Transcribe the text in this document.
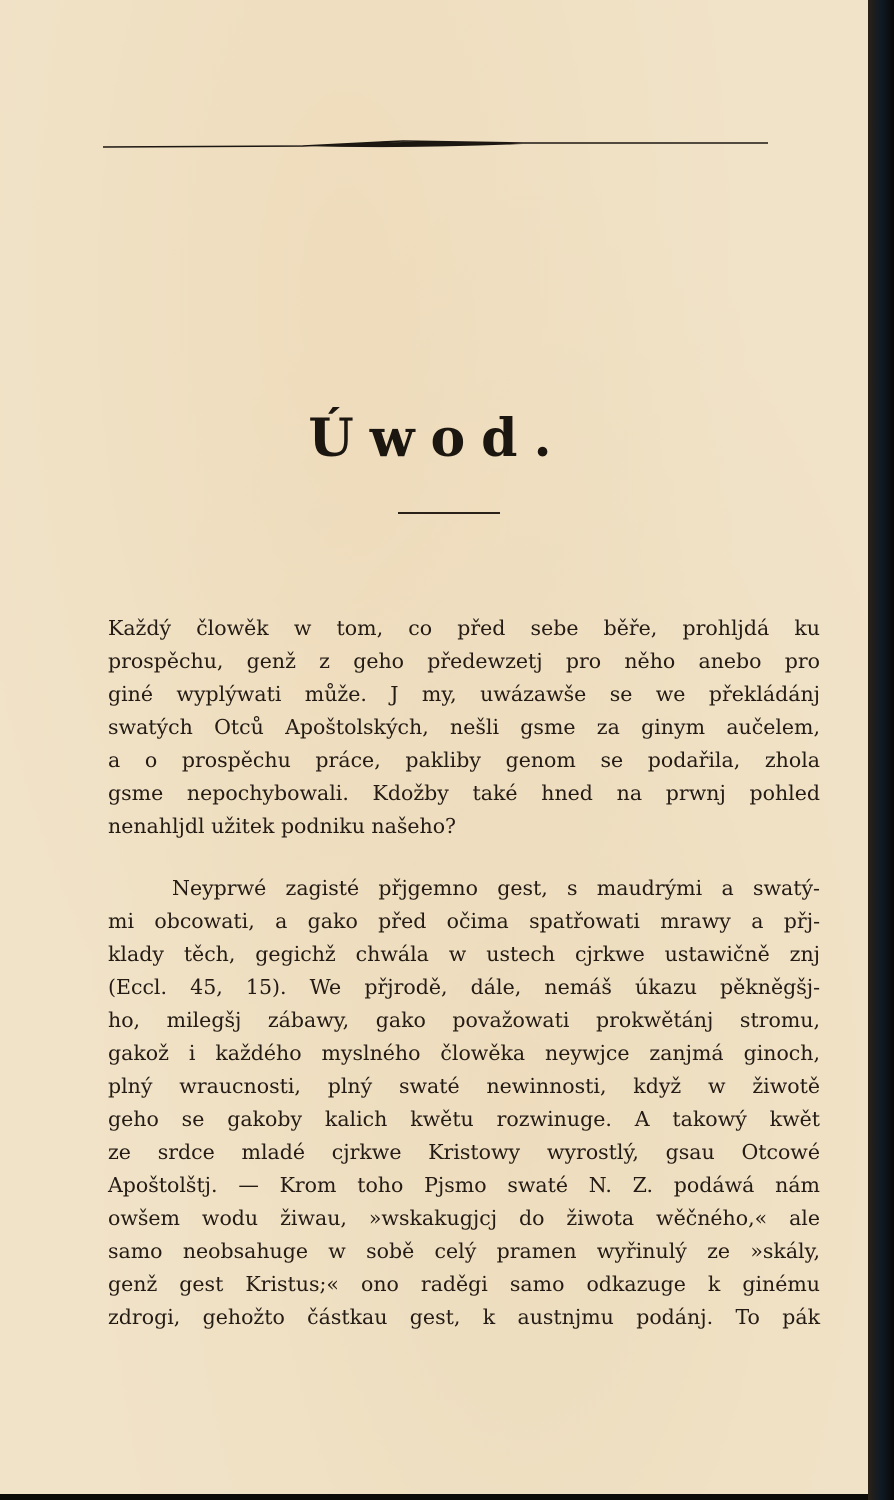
Úwod.
Každý člowěk w tom, co před sebe běře, prohljdá ku
prospěchu, genž z geho předewzetj pro něho anebo pro
giné wyplýwati může. J my, uwázawše se we překládánj
swatých Otců Apoštolských, nešli gsme za ginym aučelem,
a o prospěchu práce, pakliby genom se podařila, zhola
gsme nepochybowali. Kdožby také hned na prwnj pohled
nenahljdl užitek podniku našeho?
Neyprwé zagisté přjgemno gest, s maudrými a swatý-
mi obcowati, a gako před očima spatřowati mrawy a přj-
klady těch, gegichž chwála w ustech cjrkwe ustawičně znj
(Eccl. 45, 15). We přjrodě, dále, nemáš úkazu pěkněgšj-
ho, milegšj zábawy, gako považowati prokwětánj stromu,
gakož i každého myslného člowěka neywjce zanjmá ginoch,
plný wraucnosti, plný swaté newinnosti, když w žiwotě
geho se gakoby kalich kwětu rozwinuge. A takowý kwět
ze srdce mladé cjrkwe Kristowy wyrostlý, gsau Otcowé
Apoštolštj. — Krom toho Pjsmo swaté N. Z. podáwá nám
owšem wodu žiwau, »wskakugjcj do žiwota wěčného,« ale
samo neobsahuge w sobě celý pramen wyřinulý ze »skály,
genž gest Kristus;« ono raděgi samo odkazuge k ginému
zdrogi, gehožto částkau gest, k austnjmu podánj. To pák
